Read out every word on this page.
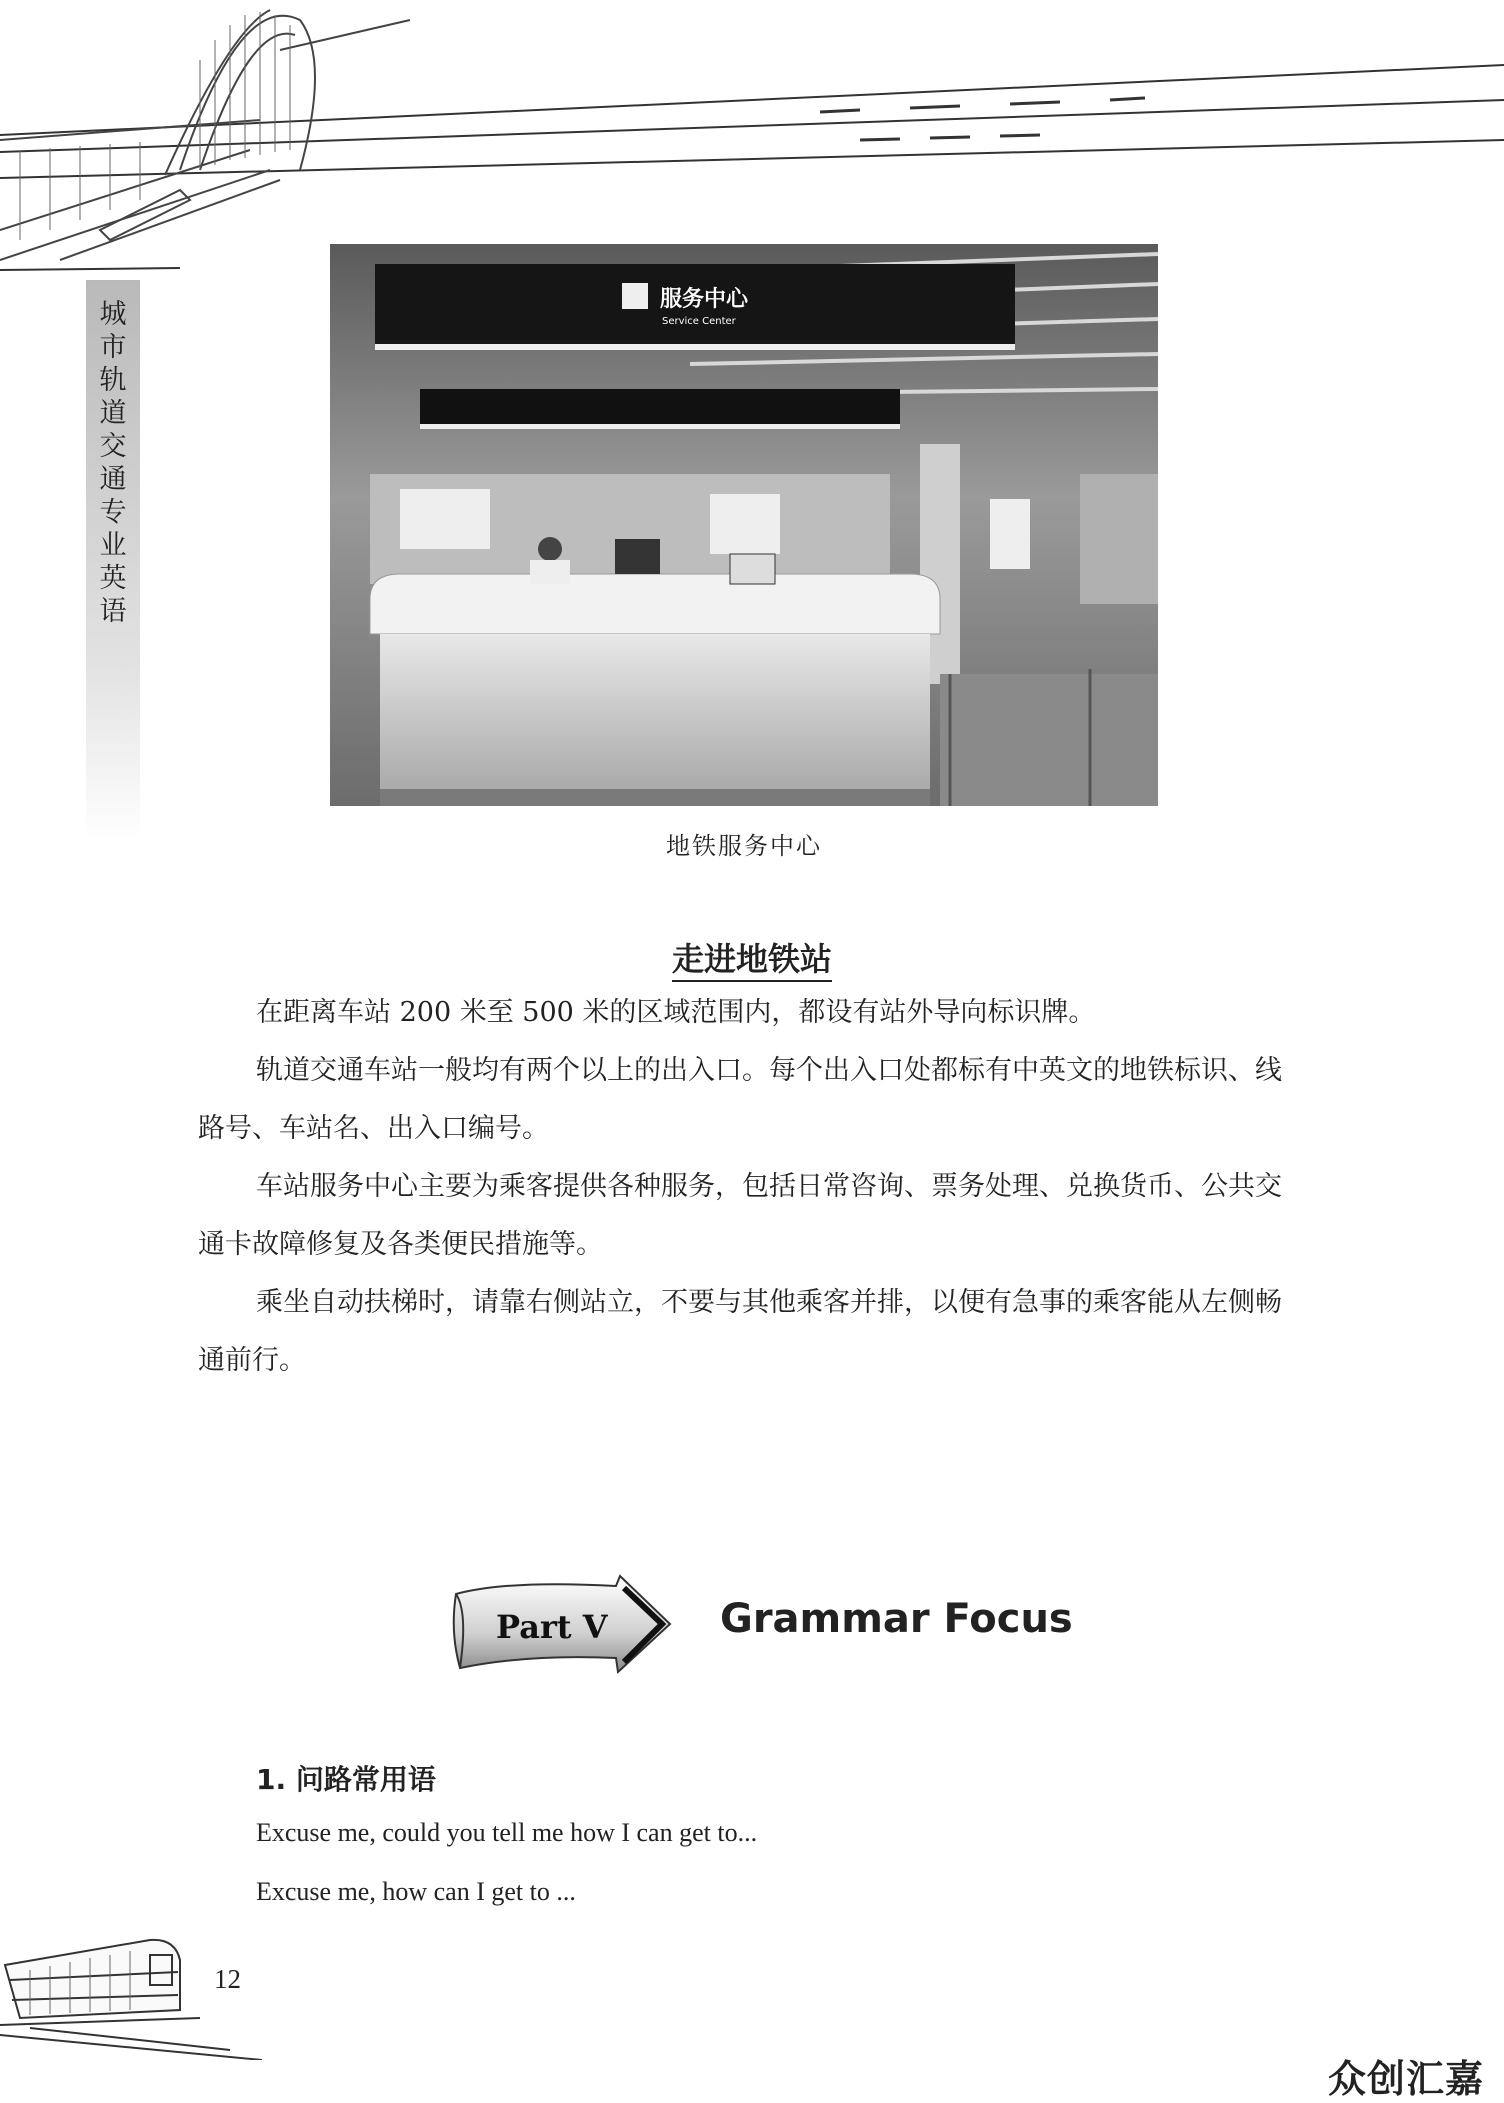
城
市
轨
道
交
通
专
业
英
语
服务中心
Service Center
地铁服务中心
走进地铁站

在距离车站 200 米至 500 米的区域范围内，都设有站外导向标识牌。

轨道交通车站一般均有两个以上的出入口。每个出入口处都标有中英文的地铁标识、线路号、车站名、出入口编号。

车站服务中心主要为乘客提供各种服务，包括日常咨询、票务处理、兑换货币、公共交通卡故障修复及各类便民措施等。

乘坐自动扶梯时，请靠右侧站立，不要与其他乘客并排，以便有急事的乘客能从左侧畅通前行。

Part V	Grammar Focus
1. 问路常用语
Excuse me, could you tell me how I can get to...
Excuse me, how can I get to ...
12
众创汇嘉
